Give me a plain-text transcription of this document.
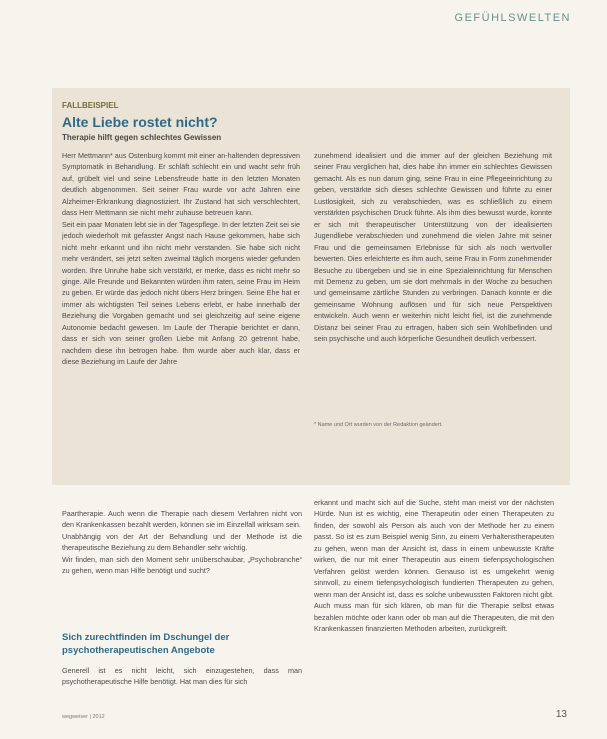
GEFÜHLSWELTEN
FALLBEISPIEL
Alte Liebe rostet nicht?
Therapie hilft gegen schlechtes Gewissen

Herr Mettmann* aus Ostenburg kommt mit einer an-haltenden depressiven Symptomatik in Behandlung. Er schläft schlecht ein und wacht sehr früh auf, grübelt viel und seine Lebensfreude hatte in den letzten Monaten deutlich abgenommen. Seit seiner Frau wurde vor acht Jahren eine Alzheimer-Erkrankung diagnostiziert. Ihr Zustand hat sich verschlechtert, dass Herr Mettmann sie nicht mehr zuhause betreuen kann.

Seit ein paar Monaten lebt sie in der Tagespflege. In der letzten Zeit sei sie jedoch wiederholt mit gefasster Angst nach Hause gekommen, habe sich nicht mehr erkannt und ihn nicht mehr verstanden. Sie habe sich nicht mehr verändert, sei jetzt selten zweimal täglich morgens wieder gefunden worden. Ihre Unruhe habe sich verstärkt, er merke, dass es nicht mehr so ginge. Alle Freunde und Bekannten würden ihm raten, seine Frau im Heim zu geben. Er würde das jedoch nicht übers Herz bringen. Seine Ehe hat er immer als wichtigsten Teil seines Lebens erlebt, er habe innerhalb der Beziehung die Vorgaben gemacht und sei gleichzeitig auf seine eigene Autonomie bedacht gewesen. Im Laufe der Therapie berichtet er dann, dass er sich von seiner großen Liebe mit Anfang 20 getrennt habe, nachdem diese ihn betrogen habe. Ihm wurde aber auch klar, dass er diese Beziehung im Laufe der Jahre

zunehmend idealisiert und die immer auf der gleichen Beziehung mit seiner Frau verglichen hat, dies habe ihn immer ein schlechtes Gewissen gemacht. Als es nun darum ging, seine Frau in eine Pflegeeinrichtung zu geben, verstärkte sich dieses schlechte Gewissen und führte zu einer Lustlosigkeit, sich zu verabschieden, was es schließlich zu einem verstärkten psychischen Druck führte. Als ihm dies bewusst wurde, konnte er sich mit therapeutischer Unterstützung von der idealisierten Jugendliebe verabschieden und zunehmend die vielen Jahre mit seiner Frau und die gemeinsamen Erlebnisse für sich als noch wertvoller bewerten. Dies erleichterte es ihm auch, seine Frau in Form zunehmender Besuche zu übergeben und sie in eine Spezialeinrichtung für Menschen mit Demenz zu geben, um sie dort mehrmals in der Woche zu besuchen und gemeinsame zärtliche Stunden zu verbringen. Danach konnte er die gemeinsame Wohnung auflösen und für sich neue Perspektiven entwickeln. Auch wenn er weiterhin nicht leicht fiel, ist die zunehmende Distanz bei seiner Frau zu ertragen, haben sich sein Wohlbefinden und sein psychische und auch körperliche Gesundheit deutlich verbessert.

* Name und Ort wurden von der Redaktion geändert.

Paartherapie. Auch wenn die Therapie nach diesem Verfahren nicht von den Krankenkassen bezahlt werden, können sie im Einzelfall wirksam sein.

Unabhängig von der Art der Behandlung und der Methode ist die therapeutische Beziehung zu dem Behandler sehr wichtig.

Wir finden, man sich den Moment sehr unüberschaubar, „Psychobranche“ zu gehen, wenn man Hilfe benötigt und sucht?

Sich zurechtfinden im Dschungel der psychotherapeutischen Angebote

Generell ist es nicht leicht, sich einzugestehen, dass man psychotherapeutische Hilfe benötigt. Hat man dies für sich

erkannt und macht sich auf die Suche, steht man meist vor der nächsten Hürde. Nun ist es wichtig, eine Therapeutin oder einen Therapeuten zu finden, der sowohl als Person als auch von der Methode her zu einem passt. So ist es zum Beispiel wenig Sinn, zu einem Verhaltenstherapeuten zu gehen, wenn man der Ansicht ist, dass in einem unbewusste Kräfte wirken, die nur mit einer Therapeutin aus einem tiefenpsychologischen Verfahren gelöst werden können. Genauso ist es umgekehrt wenig sinnvoll, zu einem tiefenpsychologisch fundierten Therapeuten zu gehen, wenn man der Ansicht ist, dass es solche unbewussten Faktoren nicht gibt. Auch muss man für sich klären, ob man für die Therapie selbst etwas bezahlen möchte oder kann oder ob man auf die Therapeuten, die mit den Krankenkassen finanzierten Methoden arbeiten, zurückgreift.

wegweiser | 2012	13
